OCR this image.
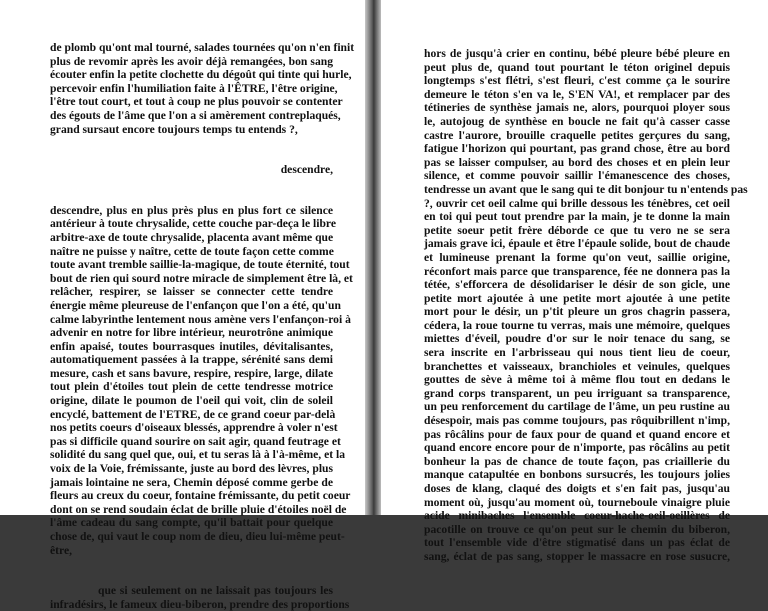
de plomb qu'ont mal tourné, salades tournées qu'on n'en finit
plus de revomir après les avoir déjà remangées, bon sang
écouter enfin la petite clochette du dégoût qui tinte qui hurle,
percevoir enfin l'humiliation faite à l'ÊTRE, l'être origine,
l'être tout court, et tout à coup ne plus pouvoir se contenter
des égouts de l'âme que l'on a si amèrement contreplaqués,
grand sursaut encore toujours temps tu entends ?,
descendre,
descendre, plus en plus près plus en plus fort ce silence
antérieur à toute chrysalide, cette couche par-deça le libre
arbitre-axe de toute chrysalide, placenta avant même que
naître ne puisse y naître, cette de toute façon cette comme
toute avant tremble saillie-la-magique, de toute éternité, tout
bout de rien qui sourd notre miracle de simplement être là, et
relâcher, respirer, se laisser se connecter cette tendre
énergie même pleureuse de l'enfançon que l'on a été, qu'un
calme labyrinthe lentement nous amène vers l'enfançon-roi à
advenir en notre for libre intérieur, neurotrône animique
enfin apaisé, toutes bourrasques inutiles, dévitalisantes,
automatiquement passées à la trappe, sérénité sans demi
mesure, cash et sans bavure, respire, respire, large, dilate
tout plein d'étoiles tout plein de cette tendresse motrice
origine, dilate le poumon de l'oeil qui voit, clin de soleil
encyclé, battement de l'ETRE, de ce grand coeur par-delà
nos petits coeurs d'oiseaux blessés, apprendre à voler n'est
pas si difficile quand sourire on sait agir, quand feutrage et
solidité du sang quel que, oui, et tu seras là à l'à-même, et la
voix de la Voie, frémissante, juste au bord des lèvres, plus
jamais lointaine ne sera, Chemin déposé comme gerbe de
fleurs au creux du coeur, fontaine frémissante, du petit coeur
dont on se rend soudain éclat de brille pluie d'étoiles noël de
l'âme cadeau du sang compte, qu'il battait pour quelque
chose de, qui vaut le coup nom de dieu, dieu lui-même peut-
être,
que si seulement on ne laissait pas toujours les
infradésirs, le fameux dieu-biberon, prendre des proportions
hors de jusqu'à crier en continu, bébé pleure bébé pleure en
peut plus de, quand tout pourtant le téton originel depuis
longtemps s'est flétri, s'est fleuri, c'est comme ça le sourire
demeure le téton s'en va le, S'EN VA!, et remplacer par des
tétineries de synthèse jamais ne, alors, pourquoi ployer sous
le, autojoug de synthèse en boucle ne fait qu'à casser casse
castre l'aurore, brouille craquelle petites gerçures du sang,
fatigue l'horizon qui pourtant, pas grand chose, être au bord
pas se laisser compulser, au bord des choses et en plein leur
silence, et comme pouvoir saillir l'émanescence des choses,
tendresse un avant que le sang qui te dit bonjour tu n'entends pas
?, ouvrir cet oeil calme qui brille dessous les ténèbres, cet oeil
en toi qui peut tout prendre par la main, je te donne la main
petite soeur petit frère déborde ce que tu vero ne se sera
jamais grave ici, épaule et être l'épaule solide, bout de chaude
et lumineuse prenant la forme qu'on veut, saillie origine,
réconfort mais parce que transparence, fée ne donnera pas la
tétée, s'efforcera de désolidariser le désir de son gicle, une
petite mort ajoutée à une petite mort ajoutée à une petite
mort pour le désir, un p'tit pleure un gros chagrin passera,
cédera, la roue tourne tu verras, mais une mémoire, quelques
miettes d'éveil, poudre d'or sur le noir tenace du sang, se
sera inscrite en l'arbrisseau qui nous tient lieu de coeur,
branchettes et vaisseaux, branchioles et veinules, quelques
gouttes de sève à même toi à même flou tout en dedans le
grand corps transparent, un peu irriguant sa transparence,
un peu renforcement du cartilage de l'âme, un peu rustine au
désespoir, mais pas comme toujours, pas rôquibrillent n'imp,
pas rôcâlins pour de faux pour de quand et quand encore et
quand encore encore pour de n'importe, pas rôcâlins au petit
bonheur la pas de chance de toute façon, pas criaillerie du
manque catapultée en bonbons sursucrés, les toujours jolies
doses de klang, claqué des doigts et s'en fait pas, jusqu'au
moment où, jusqu'au moment où, tourneboule vinaigre pluie
acide minibaches l'ensemble coeur-hache-oeil-oeillères de
pacotille on trouve ce qu'on peut sur le chemin du biberon,
tout l'ensemble vide d'être stigmatisé dans un pas éclat de
sang, éclat de pas sang, stopper le massacre en rose susucre,
